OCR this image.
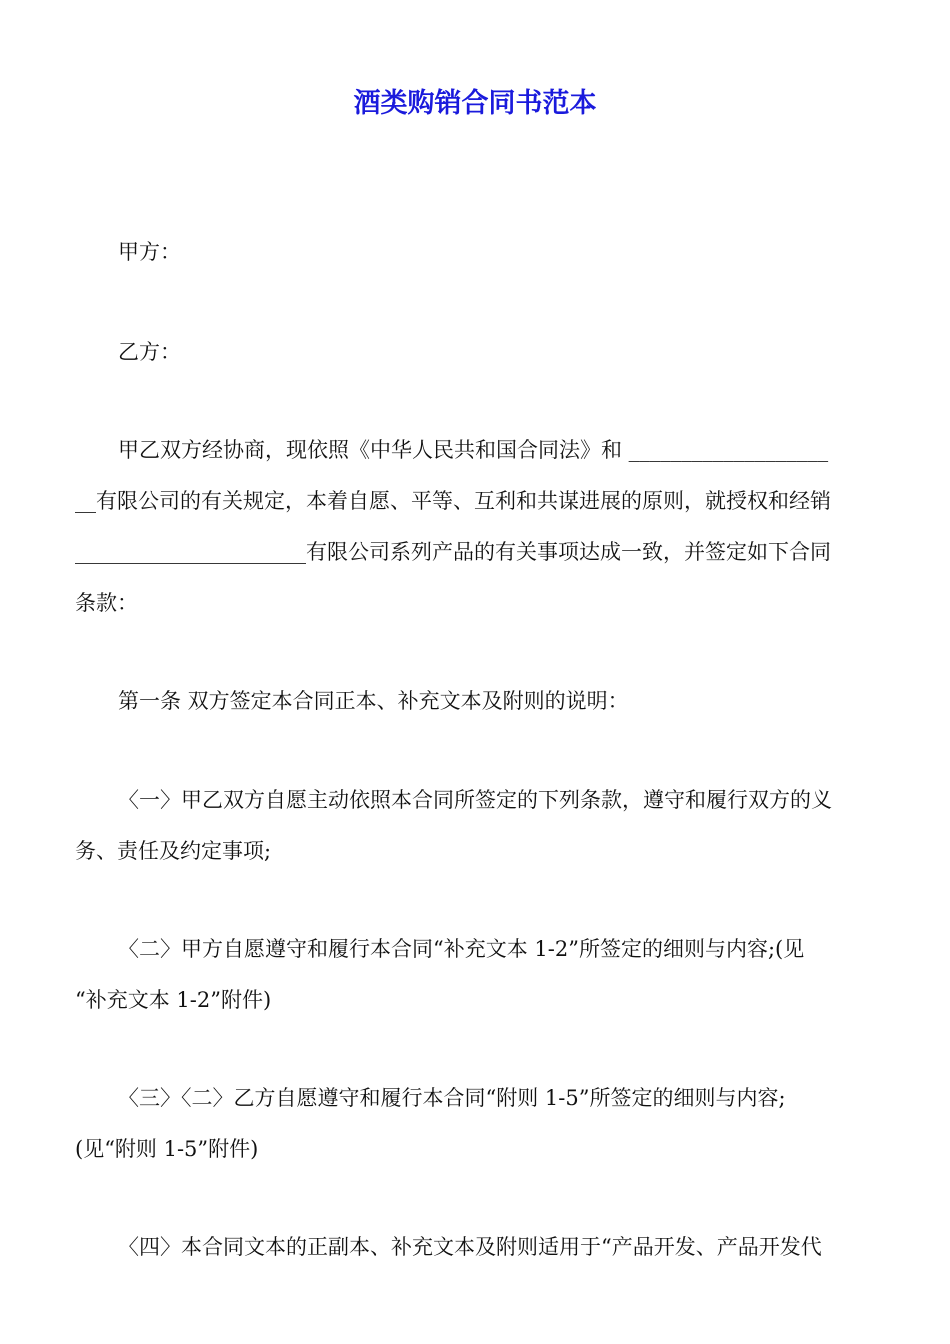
酒类购销合同书范本
甲方：
乙方：
甲乙双方经协商，现依照《中华人民共和国合同法》和 ___________________
__有限公司的有关规定，本着自愿、平等、互利和共谋进展的原则，就授权和经销
______________________有限公司系列产品的有关事项达成一致，并签定如下合同
条款：
第一条 双方签定本合同正本、补充文本及附则的说明：
〈一〉甲乙双方自愿主动依照本合同所签定的下列条款，遵守和履行双方的义
务、责任及约定事项;
〈二〉甲方自愿遵守和履行本合同“补充文本 1-2”所签定的细则与内容;(见
“补充文本 1-2”附件)
〈三〉〈二〉乙方自愿遵守和履行本合同“附则 1-5”所签定的细则与内容;
(见“附则 1-5”附件)
〈四〉本合同文本的正副本、补充文本及附则适用于“产品开发、产品开发代
